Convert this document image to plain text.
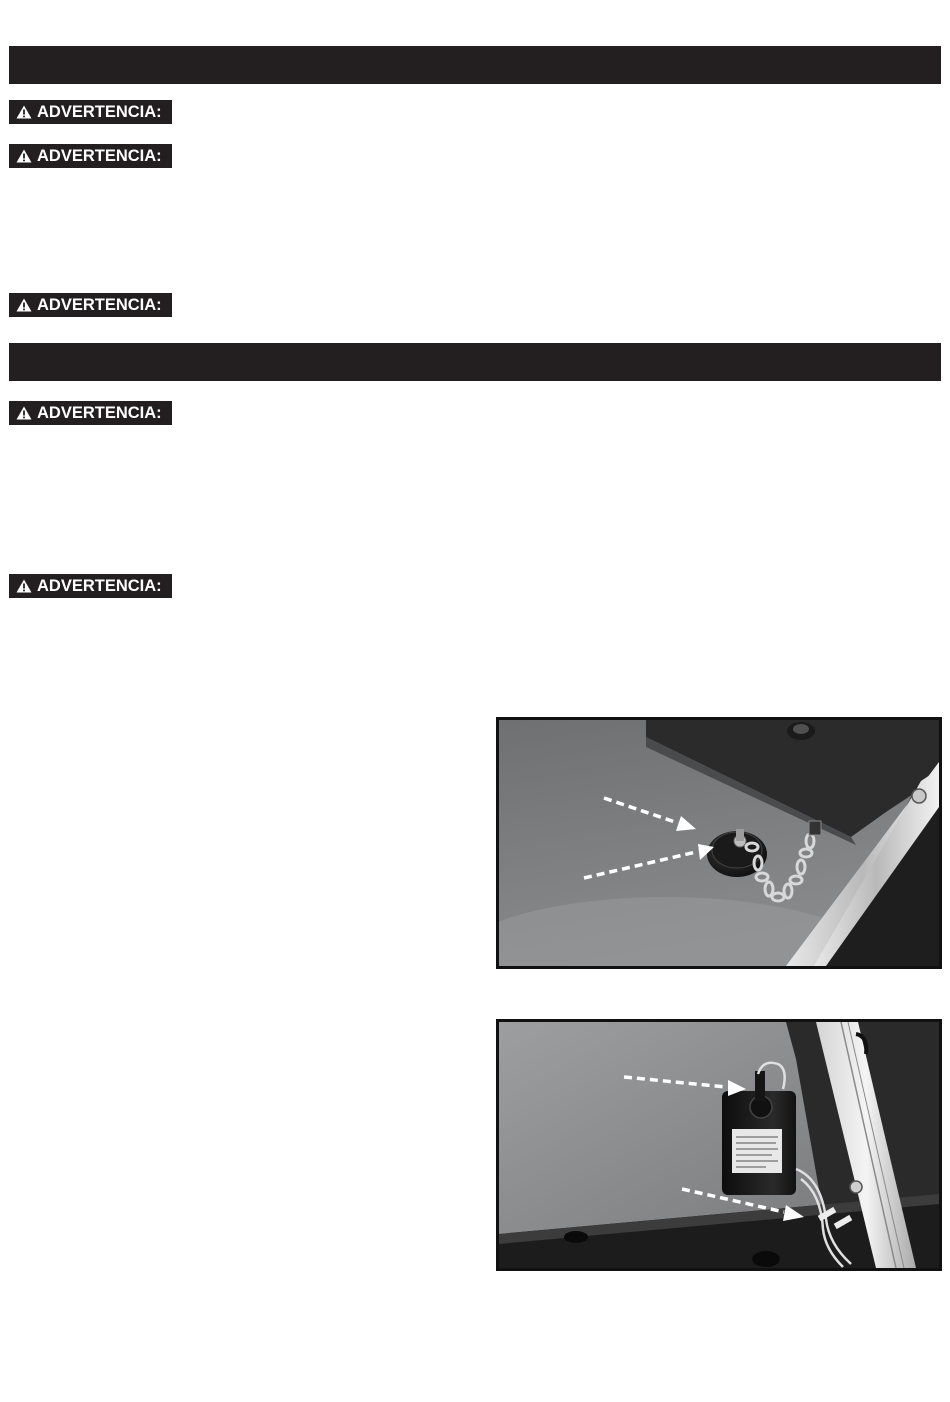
ADVERTENCIA:
ADVERTENCIA:
ADVERTENCIA:
ADVERTENCIA:
ADVERTENCIA:
